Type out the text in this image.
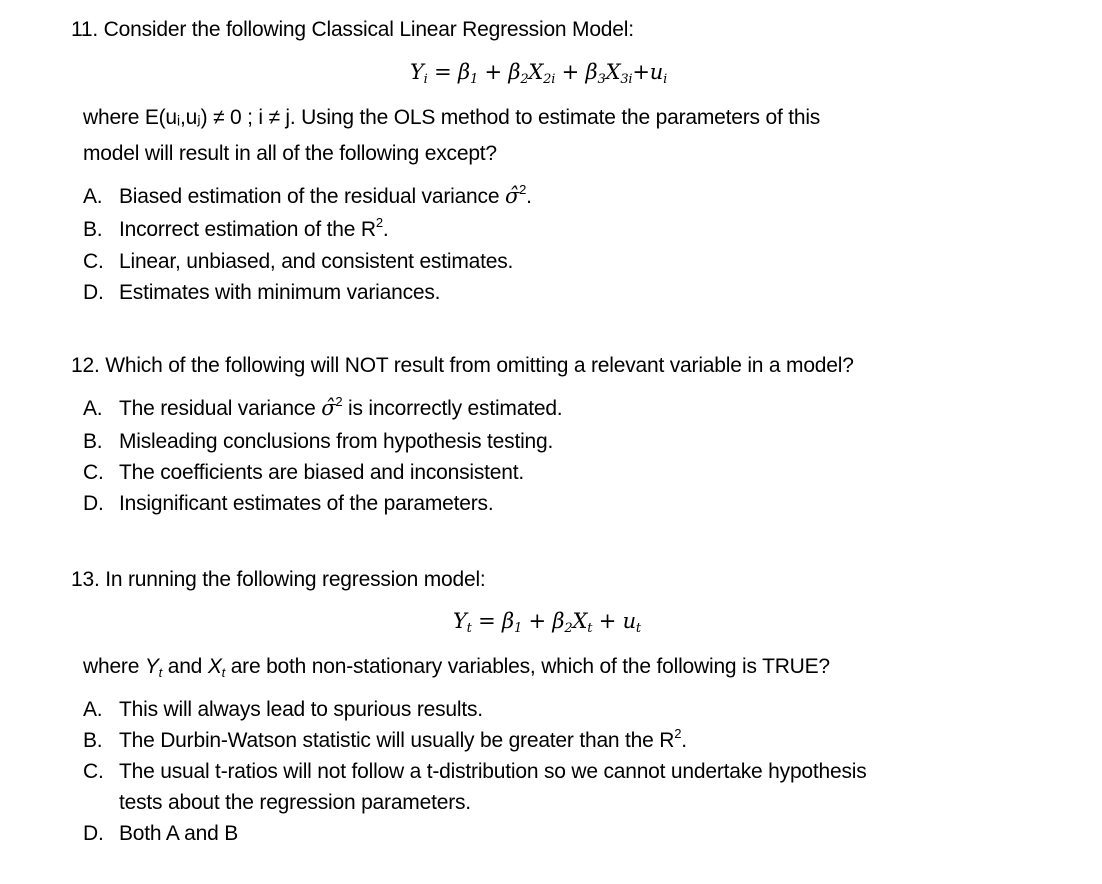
11. Consider the following Classical Linear Regression Model:
$Y_i = \beta_1 + \beta_2X_{2i} + \beta_3X_{3i}+u_i$
where E(uᵢ,uⱼ) ≠ 0 ; i ≠ j. Using the OLS method to estimate the parameters of this
model will result in all of the following except?
A. Biased estimation of the residual variance σ̂$^2$.
B. Incorrect estimation of the $R^2$.
C. Linear, unbiased, and consistent estimates.
D. Estimates with minimum variances.
12. Which of the following will NOT result from omitting a relevant variable in a model?
A. The residual variance σ̂$^2$ is incorrectly estimated.
B. Misleading conclusions from hypothesis testing.
C. The coefficients are biased and inconsistent.
D. Insignificant estimates of the parameters.
13. In running the following regression model:
$Y_t = \beta_1 + \beta_2X_t + u_t$
where $Y_t$ and $X_t$ are both non-stationary variables, which of the following is TRUE?
A. This will always lead to spurious results.
B. The Durbin-Watson statistic will usually be greater than the $R^2$.
C. The usual t-ratios will not follow a t-distribution so we cannot undertake hypothesis
tests about the regression parameters.
D. Both A and B
